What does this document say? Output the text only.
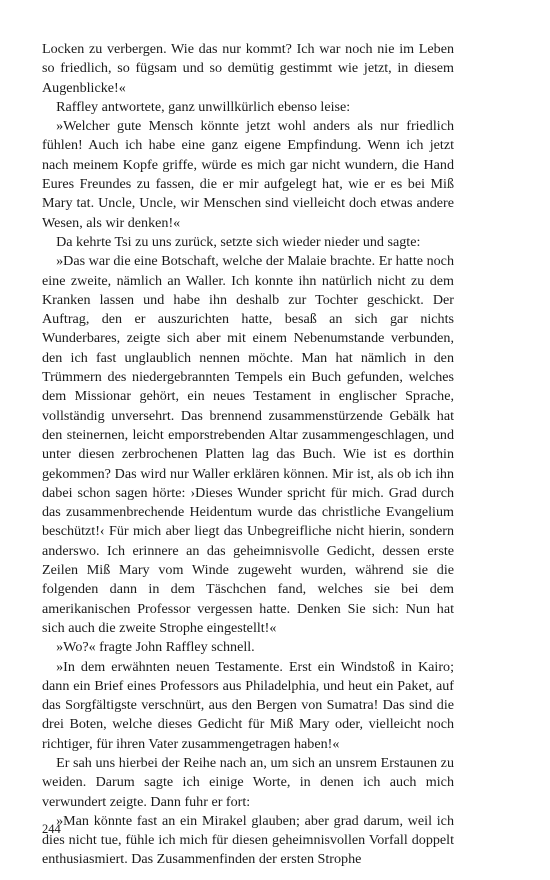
Locken zu verbergen. Wie das nur kommt? Ich war noch nie im Leben so friedlich, so fügsam und so demütig gestimmt wie jetzt, in diesem Augenblicke!«

Raffley antwortete, ganz unwillkürlich ebenso leise:

»Welcher gute Mensch könnte jetzt wohl anders als nur friedlich fühlen! Auch ich habe eine ganz eigene Empfindung. Wenn ich jetzt nach meinem Kopfe griffe, würde es mich gar nicht wundern, die Hand Eures Freundes zu fassen, die er mir aufgelegt hat, wie er es bei Miß Mary tat. Uncle, Uncle, wir Menschen sind vielleicht doch etwas andere Wesen, als wir denken!«

Da kehrte Tsi zu uns zurück, setzte sich wieder nieder und sagte:

»Das war die eine Botschaft, welche der Malaie brachte. Er hatte noch eine zweite, nämlich an Waller. Ich konnte ihn natürlich nicht zu dem Kranken lassen und habe ihn deshalb zur Tochter geschickt. Der Auftrag, den er auszurichten hatte, besaß an sich gar nichts Wunderbares, zeigte sich aber mit einem Nebenumstande verbunden, den ich fast unglaublich nennen möchte. Man hat nämlich in den Trümmern des niedergebrannten Tempels ein Buch gefunden, welches dem Missionar gehört, ein neues Testament in englischer Sprache, vollständig unversehrt. Das brennend zusammenstürzende Gebälk hat den steinernen, leicht emporstrebenden Altar zusammengeschlagen, und unter diesen zerbrochenen Platten lag das Buch. Wie ist es dorthin gekommen? Das wird nur Waller erklären können. Mir ist, als ob ich ihn dabei schon sagen hörte: ›Dieses Wunder spricht für mich. Grad durch das zusammenbrechende Heidentum wurde das christliche Evangelium beschützt!‹ Für mich aber liegt das Unbegreifliche nicht hierin, sondern anderswo. Ich erinnere an das geheimnisvolle Gedicht, dessen erste Zeilen Miß Mary vom Winde zugeweht wurden, während sie die folgenden dann in dem Täschchen fand, welches sie bei dem amerikanischen Professor vergessen hatte. Denken Sie sich: Nun hat sich auch die zweite Strophe eingestellt!«

»Wo?« fragte John Raffley schnell.

»In dem erwähnten neuen Testamente. Erst ein Windstoß in Kairo; dann ein Brief eines Professors aus Philadelphia, und heut ein Paket, auf das Sorgfältigste verschnürt, aus den Bergen von Sumatra! Das sind die drei Boten, welche dieses Gedicht für Miß Mary oder, vielleicht noch richtiger, für ihren Vater zusammengetragen haben!«

Er sah uns hierbei der Reihe nach an, um sich an unsrem Erstaunen zu weiden. Darum sagte ich einige Worte, in denen ich auch mich verwundert zeigte. Dann fuhr er fort:

»Man könnte fast an ein Mirakel glauben; aber grad darum, weil ich dies nicht tue, fühle ich mich für diesen geheimnisvollen Vorfall doppelt enthusiasmiert. Das Zusammenfinden der ersten Strophe

244
